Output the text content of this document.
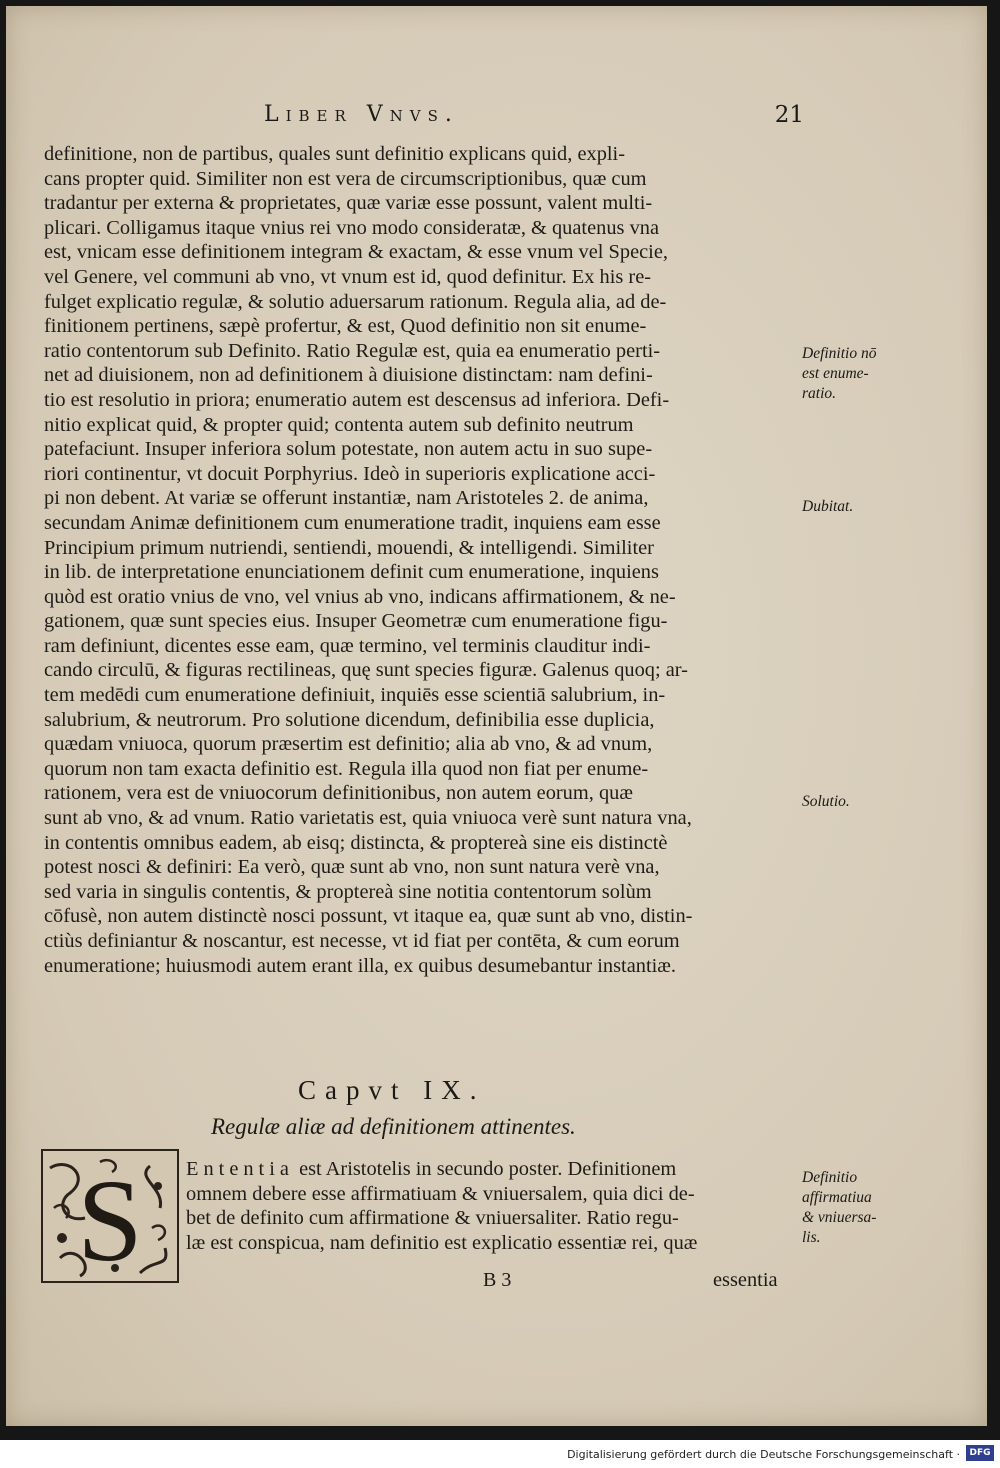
Liber Vnvs.	21

definitione, non de partibus, quales sunt definitio explicans quid, expli-

cans propter quid. Similiter non est vera de circumscriptionibus, quæ cum

tradantur per externa & proprietates, quæ variæ esse possunt, valent multi-

plicari. Colligamus itaque vnius rei vno modo consideratæ, & quatenus vna

est, vnicam esse definitionem integram & exactam, & esse vnum vel Specie,

vel Genere, vel communi ab vno, vt vnum est id, quod definitur. Ex his re-

fulget explicatio regulæ, & solutio aduersarum rationum. Regula alia, ad de-

finitionem pertinens, sæpè profertur, & est, Quod definitio non sit enume-

ratio contentorum sub Definito. Ratio Regulæ est, quia ea enumeratio perti-

net ad diuisionem, non ad definitionem à diuisione distinctam: nam defini-

tio est resolutio in priora; enumeratio autem est descensus ad inferiora. Defi-

nitio explicat quid, & propter quid; contenta autem sub definito neutrum

patefaciunt. Insuper inferiora solum potestate, non autem actu in suo supe-

riori continentur, vt docuit Porphyrius. Ideò in superioris explicatione acci-

pi non debent. At variæ se offerunt instantiæ, nam Aristoteles 2. de anima,

secundam Animæ definitionem cum enumeratione tradit, inquiens eam esse

Principium primum nutriendi, sentiendi, mouendi, & intelligendi. Similiter

in lib. de interpretatione enunciationem definit cum enumeratione, inquiens

quòd est oratio vnius de vno, vel vnius ab vno, indicans affirmationem, & ne-

gationem, quæ sunt species eius. Insuper Geometræ cum enumeratione figu-

ram definiunt, dicentes esse eam, quæ termino, vel terminis clauditur indi-

cando circulū, & figuras rectilineas, quę sunt species figuræ. Galenus quoq; ar-

tem medēdi cum enumeratione definiuit, inquiēs esse scientiā salubrium, in-

salubrium, & neutrorum. Pro solutione dicendum, definibilia esse duplicia,

quædam vniuoca, quorum præsertim est definitio; alia ab vno, & ad vnum,

quorum non tam exacta definitio est. Regula illa quod non fiat per enume-

rationem, vera est de vniuocorum definitionibus, non autem eorum, quæ

sunt ab vno, & ad vnum. Ratio varietatis est, quia vniuoca verè sunt natura vna,

in contentis omnibus eadem, ab eisq; distincta, & proptereà sine eis distinctè

potest nosci & definiri: Ea verò, quæ sunt ab vno, non sunt natura verè vna,

sed varia in singulis contentis, & proptereà sine notitia contentorum solùm

cōfusè, non autem distinctè nosci possunt, vt itaque ea, quæ sunt ab vno, distin-

ctiùs definiantur & noscantur, est necesse, vt id fiat per contēta, & cum eorum

enumeratione; huiusmodi autem erant illa, ex quibus desumebantur instantiæ.

Definitio nō
est enume-
ratio.
Dubitat.
Solutio.
Capvt IX.
Regulæ aliæ ad definitionem attinentes.
S Ententia est Aristotelis in secundo poster. Definitionem
omnem debere esse affirmatiuam & vniuersalem, quia dici de-
bet de definito cum affirmatione & vniuersaliter. Ratio regu-
læ est conspicua, nam definitio est explicatio essentiæ rei, quæ
Definitio
affirmatiua
& vniuersa-
lis.
B 3	essentia
Digitalisierung gefördert durch die Deutsche Forschungsgemeinschaft ·	DFG
